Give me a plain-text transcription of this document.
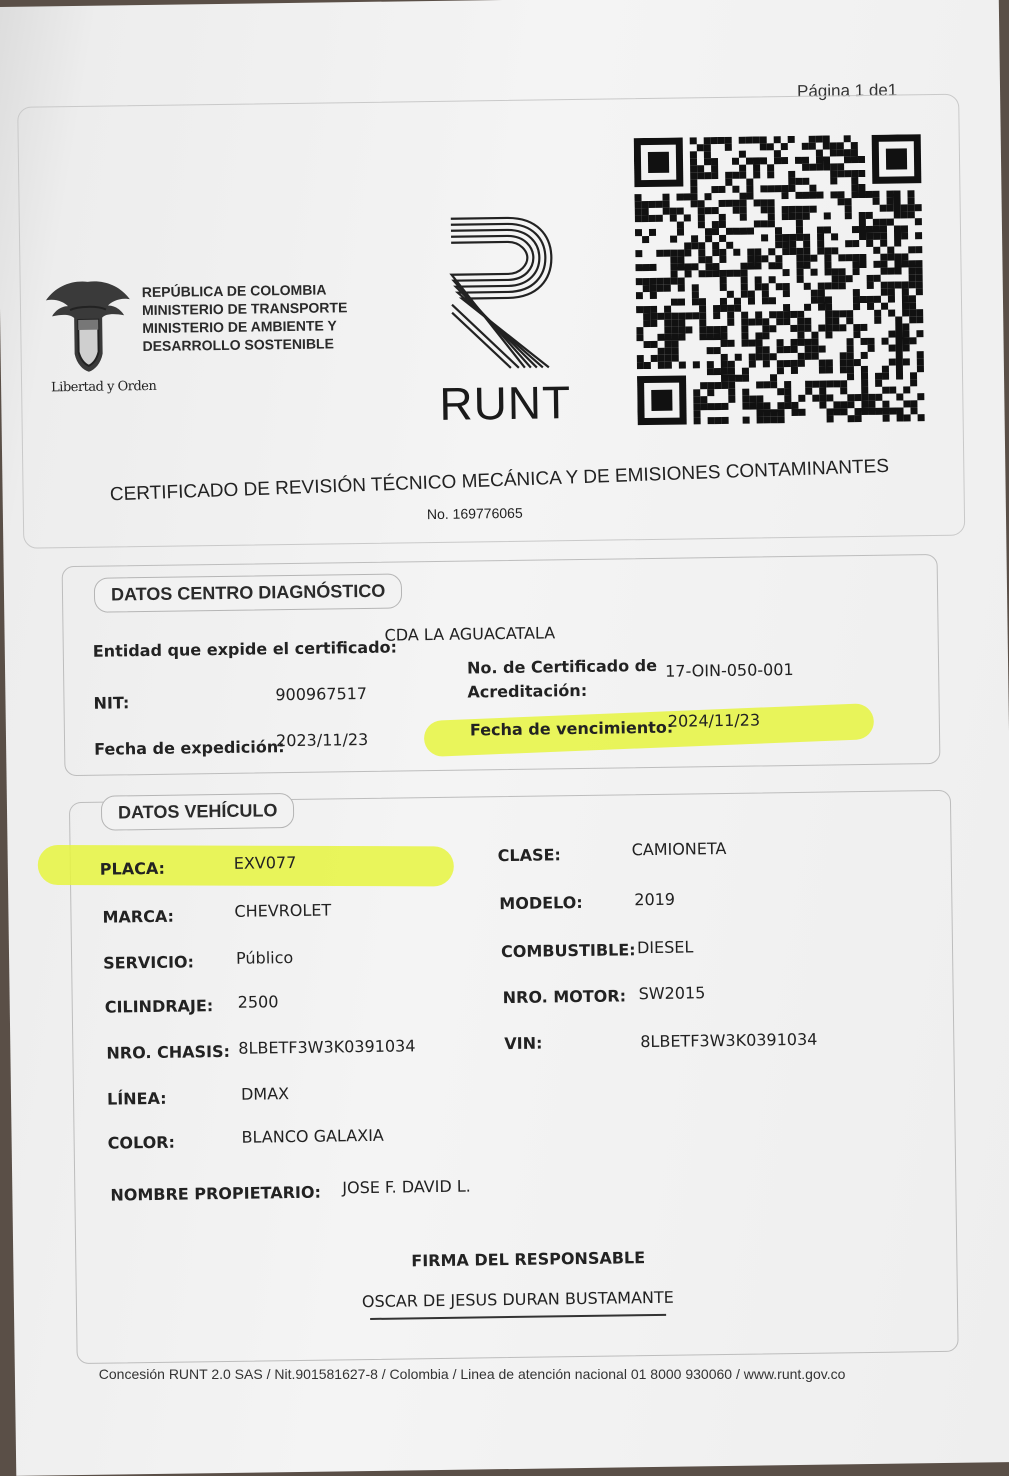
Página 1 de1
Libertad y Orden
REPÚBLICA DE COLOMBIA
MINISTERIO DE TRANSPORTE
MINISTERIO DE AMBIENTE Y
DESARROLLO SOSTENIBLE
RUNT
CERTIFICADO DE REVISIÓN TÉCNICO MECÁNICA Y DE EMISIONES CONTAMINANTES
No. 169776065
DATOS CENTRO DIAGNÓSTICO
Entidad que expide el certificado:
CDA LA AGUACATALA
NIT:	900967517
No. de Certificado de
Acreditación:
17-OIN-050-001
Fecha de expedición:
2023/11/23
Fecha de vencimiento:
2024/11/23
DATOS VEHÍCULO
PLACA:	EXV077
MARCA:	CHEVROLET
SERVICIO:	Público
CILINDRAJE: 2500
NRO. CHASIS: 8LBETF3W3K0391034
LÍNEA:	DMAX
COLOR:	BLANCO GALAXIA
CLASE:	CAMIONETA
MODELO:	2019
COMBUSTIBLE: DIESEL
NRO. MOTOR: SW2015
VIN:	8LBETF3W3K0391034
NOMBRE PROPIETARIO: JOSE F. DAVID L.
FIRMA DEL RESPONSABLE
OSCAR DE JESUS DURAN BUSTAMANTE
Concesión RUNT 2.0 SAS / Nit.901581627-8 / Colombia / Linea de atención nacional 01 8000 930060 / www.runt.gov.co
